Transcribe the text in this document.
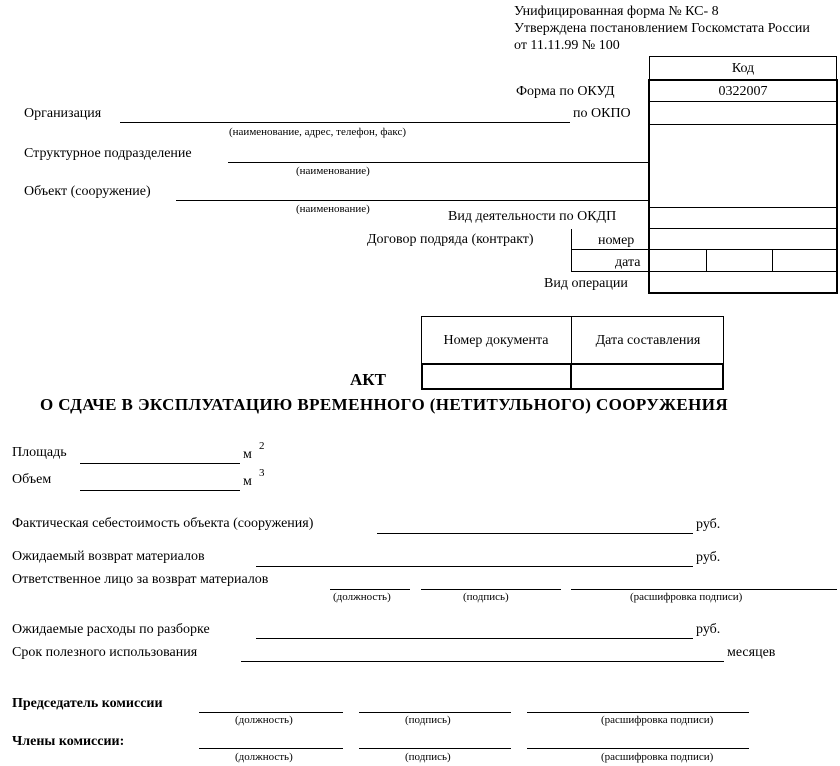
Унифицированная форма № КС- 8
Утверждена постановлением Госкомстата России
от 11.11.99 № 100
Код
Форма по ОКУД	0322007
по ОКПО
Вид деятельности по ОКДП
Договор подряда (контракт)	номер
дата
Вид операции
Организация
(наименование, адрес, телефон, факс)
Структурное подразделение
(наименование)
Объект (сооружение)
(наименование)
Номер документа	Дата составления
АКТ
О СДАЧЕ В ЭКСПЛУАТАЦИЮ ВРЕМЕННОГО (НЕТИТУЛЬНОГО) СООРУЖЕНИЯ
Площадь	м
2
Объем	м
3
Фактическая себестоимость объекта (сооружения)	руб.
Ожидаемый возврат материалов	руб.
Ответственное лицо за возврат материалов
(должность)	(подпись)	(расшифровка подписи)
Ожидаемые расходы по разборке	руб.
Срок полезного использования	месяцев
Председатель комиссии
(должность)	(подпись)	(расшифровка подписи)
Члены комиссии:
(должность)	(подпись)	(расшифровка подписи)
